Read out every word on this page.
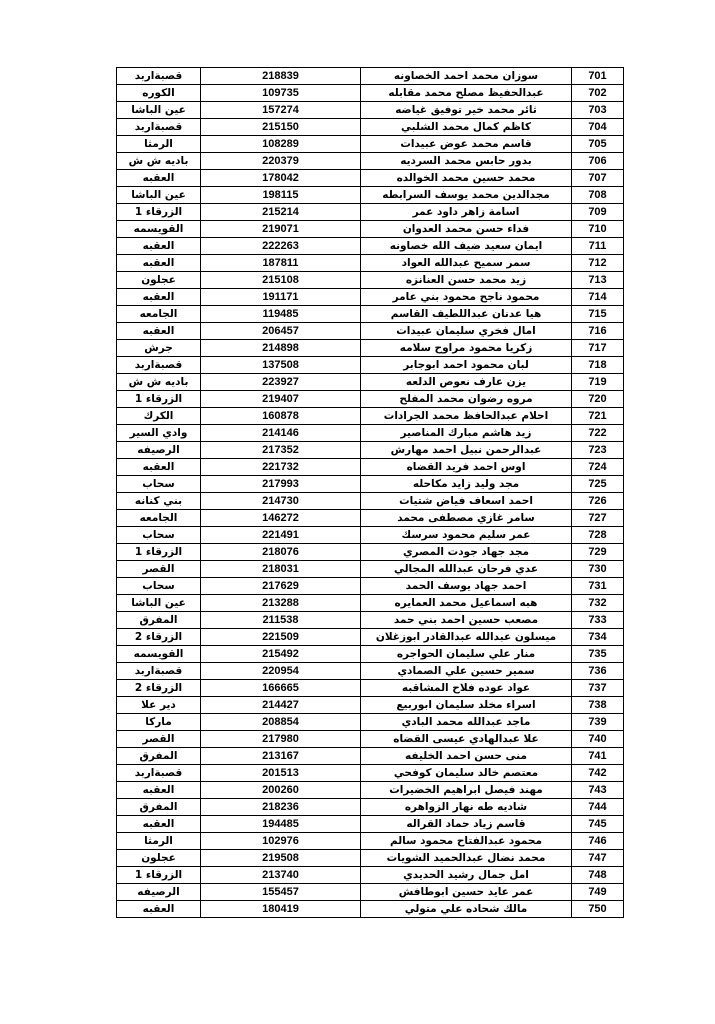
701	سوزان محمد احمد الخصاونه	218839	قصبةاربد
702	عبدالحفيظ مصلح محمد مقابله	109735	الكوره
703	ثائر محمد خير توفيق غياضه	157274	عين الباشا
704	كاظم كمال محمد الشلبي	215150	قصبةاربد
705	قاسم محمد عوض عبيدات	108289	الرمثا
706	بدور حابس محمد السرديه	220379	باديه ش ش
707	محمد حسين محمد الخوالده	178042	العقبه
708	مجدالدين محمد يوسف السرابطه	198115	عين الباشا
709	اسامة زاهر داود عمر	215214	الزرقاء 1
710	فداء حسن محمد العدوان	219071	القويسمه
711	ايمان سعيد ضيف الله خصاونه	222263	العقبه
712	سمر سميح عبدالله العواد	187811	العقبه
713	زيد محمد حسن العنانزه	215108	عجلون
714	محمود ناجح محمود بني عامر	191171	العقبه
715	هيا عدنان عبداللطيف القاسم	119485	الجامعه
716	امال فخري سليمان عبيدات	206457	العقبه
717	زكريا محمود مراوح سلامه	214898	جرش
718	لبان محمود احمد ابوجابر	137508	قصبةاربد
719	يزن عارف نعوص الدلعه	223927	باديه ش ش
720	مروه رضوان محمد المفلح	219407	الزرقاء 1
721	احلام عبدالحافظ محمد الجرادات	160878	الكرك
722	زيد هاشم مبارك المناصير	214146	وادي السير
723	عبدالرحمن نبيل احمد مهارش	217352	الرصيفه
724	اوس احمد فريد القضاه	221732	العقبه
725	مجد وليد زايد مكاحله	217993	سحاب
726	احمد اسعاف فياض شتيات	214730	بني كنانه
727	سامر غازي مصطفى محمد	146272	الجامعه
728	عمر سليم محمود سرسك	221491	سحاب
729	مجد جهاد جودت المصري	218076	الزرقاء 1
730	عدي فرحان عبدالله المجالي	218031	القصر
731	احمد جهاد يوسف الحمد	217629	سحاب
732	هبه اسماعيل محمد العمايره	213288	عين الباشا
733	مصعب حسين احمد بني حمد	211538	المفرق
734	ميسلون عبدالله عبدالقادر ابوزغلان	221509	الزرقاء 2
735	منار علي سليمان الحواجره	215492	القويسمه
736	سمير حسين علي الصمادي	220954	قصبةاربد
737	عواد عوده فلاح المشاقبه	166665	الزرقاء 2
738	اسراء مخلد سليمان ابوربيع	214427	دير علا
739	ماجد عبدالله محمد البادي	208854	ماركا
740	علا عبدالهادي عيسى القضاه	217980	القصر
741	منى حسن احمد الخليفه	213167	المفرق
742	معتصم خالد سليمان كوفحي	201513	قصبةاربد
743	مهند فيصل ابراهيم الخضيرات	200260	العقبه
744	شاديه طه نهار الزواهره	218236	المفرق
745	قاسم زياد حماد القراله	194485	العقبه
746	محمود عبدالفتاح محمود سالم	102976	الرمثا
747	محمد نضال عبدالحميد الشويات	219508	عجلون
748	امل جمال رشيد الحديدي	213740	الزرقاء 1
749	عمر عايد حسين ابوطافش	155457	الرصيفه
750	مالك شحاده علي متولي	180419	العقبه
